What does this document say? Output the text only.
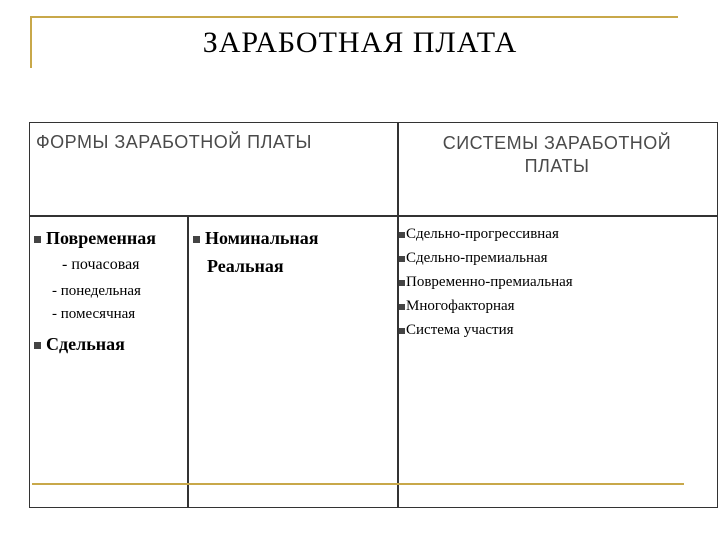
ЗАРАБОТНАЯ ПЛАТА
ФОРМЫ ЗАРАБОТНОЙ ПЛАТЫ	СИСТЕМЫ ЗАРАБОТНОЙ
ПЛАТЫ
Повременная
- почасовая
- понедельная
- помесячная
Сдельная
Номинальная
Реальная
Сдельно-прогрессивная
Сдельно-премиальная
Повременно-премиальная
Многофакторная
Система участия
